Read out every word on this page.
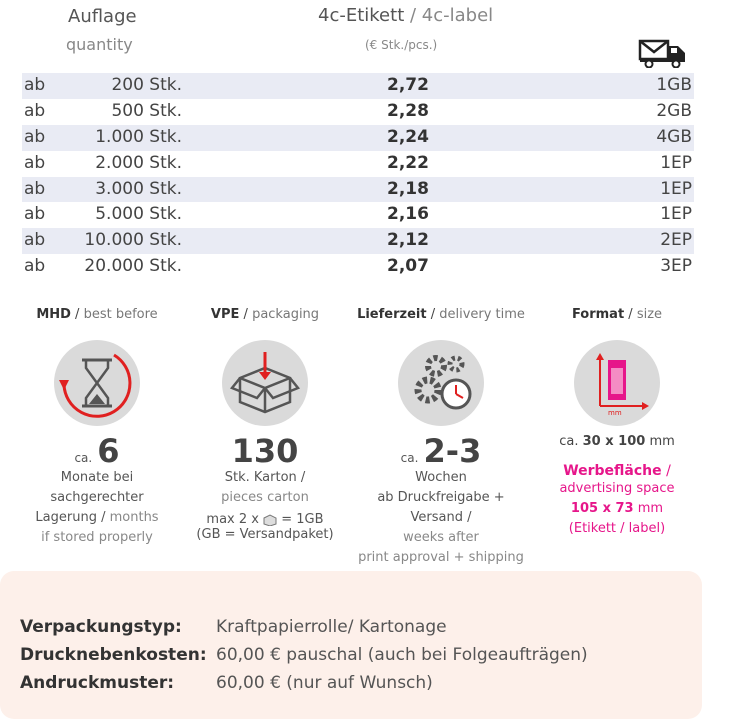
Auflage
quantity
4c-Etikett / 4c-label
(€ Stk./pcs.)
ab	200 Stk.	2,72	1GB
ab	500 Stk.	2,28	2GB
ab	1.000 Stk.	2,24	4GB
ab	2.000 Stk.	2,22	1EP
ab	3.000 Stk.	2,18	1EP
ab	5.000 Stk.	2,16	1EP
ab 10.000 Stk.	2,12	2EP
ab 20.000 Stk.	2,07	3EP
MHD / best before
ca. 6
Monate bei
sachgerechter
Lagerung / months
if stored properly
VPE / packaging
130
Stk. Karton /
pieces carton
max 2 x = 1GB
(GB = Versandpaket)
Lieferzeit / delivery time
ca. 2-3
Wochen
ab Druckfreigabe + Versand /
weeks after
print approval + shipping
Format / size
mm
ca. 30 x 100 mm
Werbefläche /
advertising space
105 x 73 mm
(Etikett / label)
Verpackungstyp: Kraftpapierrolle/ Kartonage
Drucknebenkosten: 60,00 € pauschal (auch bei Folgeaufträgen)
Andruckmuster: 60,00 € (nur auf Wunsch)
